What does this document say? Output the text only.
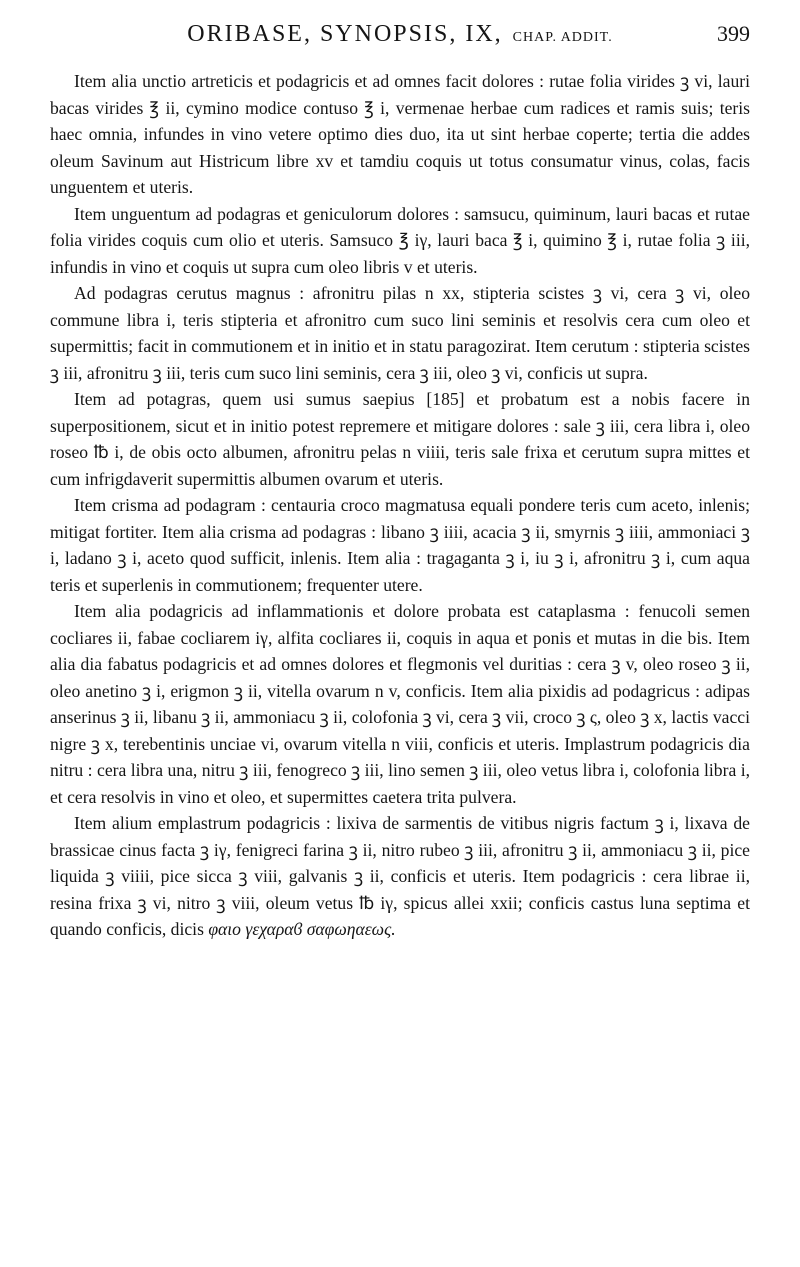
ORIBASE, SYNOPSIS, IX, CHAP. ADDIT.	399

Item alia unctio artreticis et podagricis et ad omnes facit dolores : rutae folia virides ꝫ vi, lauri bacas virides ℥ ii, cymino modice contuso ℥ i, vermenae herbae cum radices et ramis suis; teris haec omnia, infundes in vino vetere optimo dies duo, ita ut sint herbae coperte; tertia die addes oleum Savinum aut Histricum libre xv et tamdiu coquis ut totus consumatur vinus, colas, facis unguentem et uteris.

Item unguentum ad podagras et geniculorum dolores : samsucu, quiminum, lauri bacas et rutae folia virides coquis cum olio et uteris. Samsuco ℥ iγ, lauri baca ℥ i, quimino ℥ i, rutae folia ꝫ iii, infundis in vino et coquis ut supra cum oleo libris v et uteris.

Ad podagras cerutus magnus : afronitru pilas n xx, stipteria scistes ꝫ vi, cera ꝫ vi, oleo commune libra i, teris stipteria et afronitro cum suco lini seminis et resolvis cera cum oleo et supermittis; facit in commutionem et in initio et in statu paragozirat. Item cerutum : stipteria scistes ꝫ iii, afronitru ꝫ iii, teris cum suco lini seminis, cera ꝫ iii, oleo ꝫ vi, conficis ut supra.

Item ad potagras, quem usi sumus saepius [185] et probatum est a nobis facere in superpositionem, sicut et in initio potest repremere et mitigare dolores : sale ꝫ iii, cera libra i, oleo roseo ℔ i, de obis octo albumen, afronitru pelas n viiii, teris sale frixa et cerutum supra mittes et cum infrigdaverit supermittis albumen ovarum et uteris.

Item crisma ad podagram : centauria croco magmatusa equali pondere teris cum aceto, inlenis; mitigat fortiter. Item alia crisma ad podagras : libano ꝫ iiii, acacia ꝫ ii, smyrnis ꝫ iiii, ammoniaci ꝫ i, ladano ꝫ i, aceto quod sufficit, inlenis. Item alia : tragaganta ꝫ i, iu ꝫ i, afronitru ꝫ i, cum aqua teris et superlenis in commutionem; frequenter utere.

Item alia podagricis ad inflammationis et dolore probata est cataplasma : fenucoli semen cocliares ii, fabae cocliarem iγ, alfita cocliares ii, coquis in aqua et ponis et mutas in die bis. Item alia dia fabatus podagricis et ad omnes dolores et flegmonis vel duritias : cera ꝫ v, oleo roseo ꝫ ii, oleo anetino ꝫ i, erigmon ꝫ ii, vitella ovarum n v, conficis. Item alia pixidis ad podagricus : adipas anserinus ꝫ ii, libanu ꝫ ii, ammoniacu ꝫ ii, colofonia ꝫ vi, cera ꝫ vii, croco ꝫ ς, oleo ꝫ x, lactis vacci nigre ꝫ x, terebentinis unciae vi, ovarum vitella n viii, conficis et uteris. Implastrum podagricis dia nitru : cera libra una, nitru ꝫ iii, fenogreco ꝫ iii, lino semen ꝫ iii, oleo vetus libra i, colofonia libra i, et cera resolvis in vino et oleo, et supermittes caetera trita pulvera.

Item alium emplastrum podagricis : lixiva de sarmentis de vitibus nigris factum ꝫ i, lixava de brassicae cinus facta ꝫ iγ, fenigreci farina ꝫ ii, nitro rubeo ꝫ iii, afronitru ꝫ ii, ammoniacu ꝫ ii, pice liquida ꝫ viiii, pice sicca ꝫ viii, galvanis ꝫ ii, conficis et uteris. Item podagricis : cera librae ii, resina frixa ꝫ vi, nitro ꝫ viii, oleum vetus ℔ iγ, spicus allei xxii; conficis castus luna septima et quando conficis, dicis φαιο γεχαραϐ σαφωηαεως.
